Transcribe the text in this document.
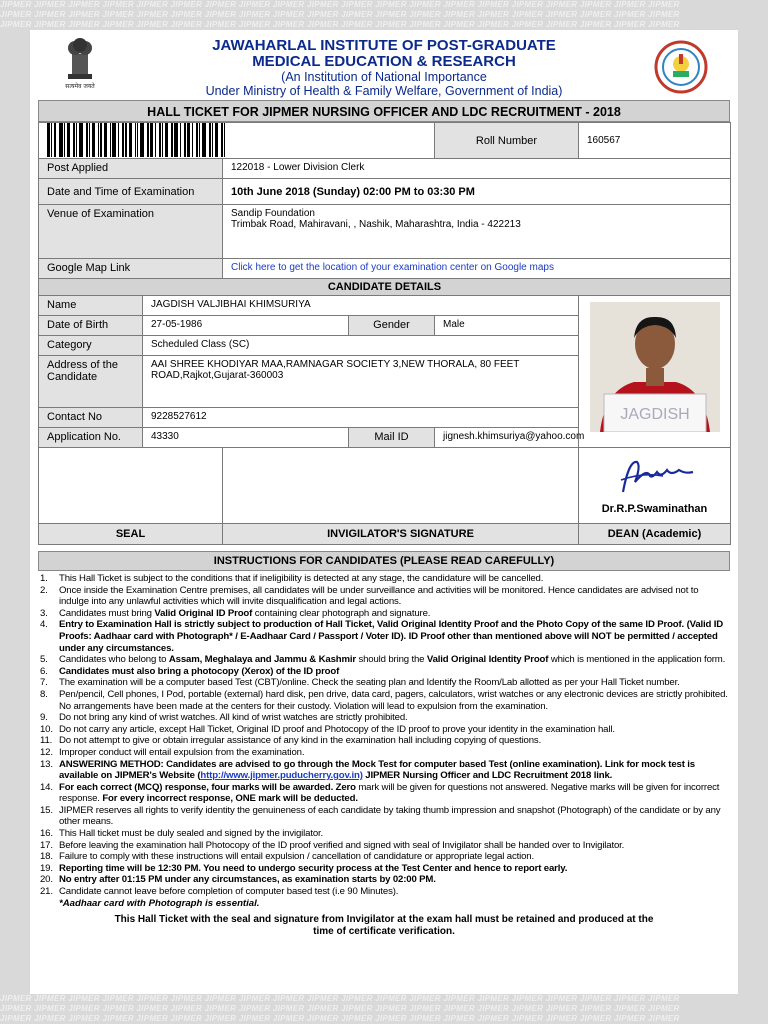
JIPMER JIPMER JIPMER JIPMER JIPMER JIPMER JIPMER JIPMER JIPMER JIPMER JIPMER JIPMER JIPMER JIPMER JIPMER JIPMER JIPMER JIPMER JIPMER JIPMER
JIPMER JIPMER JIPMER JIPMER JIPMER JIPMER JIPMER JIPMER JIPMER JIPMER JIPMER JIPMER JIPMER JIPMER JIPMER JIPMER JIPMER JIPMER JIPMER JIPMER
JIPMER JIPMER JIPMER JIPMER JIPMER JIPMER JIPMER JIPMER JIPMER JIPMER JIPMER JIPMER JIPMER JIPMER JIPMER JIPMER JIPMER JIPMER JIPMER JIPMER
JIPMER JIPMER JIPMER JIPMER JIPMER JIPMER JIPMER JIPMER JIPMER JIPMER JIPMER JIPMER JIPMER JIPMER JIPMER JIPMER JIPMER JIPMER JIPMER JIPMER
JIPMER JIPMER JIPMER JIPMER JIPMER JIPMER JIPMER JIPMER JIPMER JIPMER JIPMER JIPMER JIPMER JIPMER JIPMER JIPMER JIPMER JIPMER JIPMER JIPMER
JIPMER JIPMER JIPMER JIPMER JIPMER JIPMER JIPMER JIPMER JIPMER JIPMER JIPMER JIPMER JIPMER JIPMER JIPMER JIPMER JIPMER JIPMER JIPMER JIPMER
सत्यमेव जयते
JAWAHARLAL INSTITUTE OF POST-GRADUATE
MEDICAL EDUCATION & RESEARCH
(An Institution of National Importance
Under Ministry of Health & Family Welfare, Government of India)
HALL TICKET FOR JIPMER NURSING OFFICER AND LDC RECRUITMENT - 2018
				Roll Number	160567
Post Applied		122018 - Lower Division Clerk			
Date and Time of Examination		10th June 2018 (Sunday) 02:00 PM to 03:30 PM			
Venue of Examination		Sandip Foundation
Trimbak Road, Mahiravani, , Nashik, Maharashtra, India - 422213			

Google Map Link		Click here to get the location of your examination center on Google maps			
CANDIDATE DETAILS					
Name	JAGDISH VALJIBHAI KHIMSURIYA				JAGDISH

Date of Birth	27-05-1986		Gender	Male	
Category	Scheduled Class (SC)				
Address of the Candidate	AAI SHREE KHODIYAR MAA,RAMNAGAR SOCIETY 3,NEW THORALA, 80 FEET ROAD,Rajkot,Gujarat-360003				
Contact No	9228527612				
Application No.	43330		Mail ID	jignesh.khimsuriya@yahoo.com	

					Dr.R.P.Swaminathan

SEAL		INVIGILATOR'S SIGNATURE			DEAN (Academic)
INSTRUCTIONS FOR CANDIDATES (PLEASE READ CAREFULLY)
1.	This Hall Ticket is subject to the conditions that if ineligibility is detected at any stage, the candidature will be cancelled.
2.	Once inside the Examination Centre premises, all candidates will be under surveillance and activities will be monitored. Hence candidates are advised not to indulge into any unlawful activities which will invite disqualification and legal actions.
3.	Candidates must bring Valid Original ID Proof containing clear photograph and signature.
4.	Entry to Examination Hall is strictly subject to production of Hall Ticket, Valid Original Identity Proof and the Photo Copy of the same ID Proof. (Valid ID Proofs: Aadhaar card with Photograph* / E-Aadhaar Card / Passport / Voter ID). ID Proof other than mentioned above will NOT be permitted / accepted under any circumstances.
5.	Candidates who belong to Assam, Meghalaya and Jammu & Kashmir should bring the Valid Original Identity Proof which is mentioned in the application form.
6.	Candidates must also bring a photocopy (Xerox) of the ID proof
7.	The examination will be a computer based Test (CBT)/online. Check the seating plan and Identify the Room/Lab allotted as per your Hall Ticket number.
8.	Pen/pencil, Cell phones, I Pod, portable (external) hard disk, pen drive, data card, pagers, calculators, wrist watches or any electronic devices are strictly prohibited. No arrangements have been made at the centers for their custody. Violation will lead to expulsion from the examination.
9.	Do not bring any kind of wrist watches. All kind of wrist watches are strictly prohibited.
10. Do not carry any article, except Hall Ticket, Original ID proof and Photocopy of the ID proof to prove your identity in the examination hall.
11. Do not attempt to give or obtain irregular assistance of any kind in the examination hall including copying of questions.
12. Improper conduct will entail expulsion from the examination.
13. ANSWERING METHOD: Candidates are advised to go through the Mock Test for computer based Test (online examination). Link for mock test is available on JIPMER's Website (http://www.jipmer.puducherry.gov.in) JIPMER Nursing Officer and LDC Recruitment 2018 link.
14. For each correct (MCQ) response, four marks will be awarded. Zero mark will be given for questions not answered. Negative marks will be given for incorrect response. For every incorrect response, ONE mark will be deducted.
15. JIPMER reserves all rights to verify identity the genuineness of each candidate by taking thumb impression and snapshot (Photograph) of the candidate or by any other means.
16. This Hall ticket must be duly sealed and signed by the invigilator.
17. Before leaving the examination hall Photocopy of the ID proof verified and signed with seal of Invigilator shall be handed over to Invigilator.
18. Failure to comply with these instructions will entail expulsion / cancellation of candidature or appropriate legal action.
19. Reporting time will be 12:30 PM. You need to undergo security process at the Test Center and hence to report early.
20. No entry after 01:15 PM under any circumstances, as examination starts by 02:00 PM.
21. Candidate cannot leave before completion of computer based test (i.e 90 Minutes).
*Aadhaar card with Photograph is essential.
This Hall Ticket with the seal and signature from Invigilator at the exam hall must be retained and produced at the
time of certificate verification.
